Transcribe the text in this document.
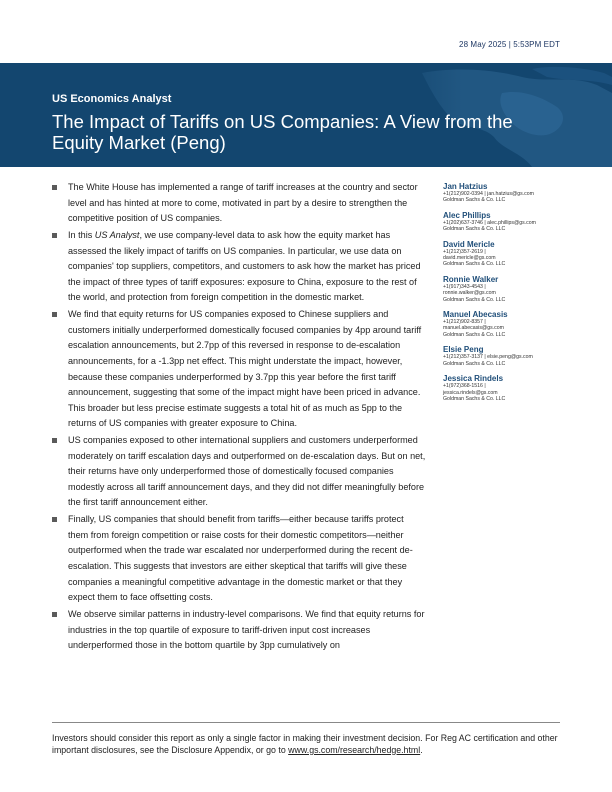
28 May 2025 | 5:53PM EDT
US Economics Analyst
The Impact of Tariffs on US Companies: A View from the Equity Market (Peng)
The White House has implemented a range of tariff increases at the country and sector level and has hinted at more to come, motivated in part by a desire to strengthen the competitive position of US companies.
In this US Analyst, we use company-level data to ask how the equity market has assessed the likely impact of tariffs on US companies. In particular, we use data on companies' top suppliers, competitors, and customers to ask how the market has priced the impact of three types of tariff exposures: exposure to China, exposure to the rest of the world, and protection from foreign competition in the domestic market.
We find that equity returns for US companies exposed to Chinese suppliers and customers initially underperformed domestically focused companies by 4pp around tariff escalation announcements, but 2.7pp of this reversed in response to de-escalation announcements, for a -1.3pp net effect. This might understate the impact, however, because these companies underperformed by 3.7pp this year before the first tariff announcement, suggesting that some of the impact might have been priced in advance. This broader but less precise estimate suggests a total hit of as much as 5pp to the returns of US companies with greater exposure to China.
US companies exposed to other international suppliers and customers underperformed moderately on tariff escalation days and outperformed on de-escalation days. But on net, their returns have only underperformed those of domestically focused companies modestly across all tariff announcement days, and they did not differ meaningfully before the first tariff announcement either.
Finally, US companies that should benefit from tariffs—either because tariffs protect them from foreign competition or raise costs for their domestic competitors—neither outperformed when the trade war escalated nor underperformed during the recent de-escalation. This suggests that investors are either skeptical that tariffs will give these companies a meaningful competitive advantage in the domestic market or that they expect them to face offsetting costs.
We observe similar patterns in industry-level comparisons. We find that equity returns for industries in the top quartile of exposure to tariff-driven input cost increases underperformed those in the bottom quartile by 3pp cumulatively on
Jan Hatzius
+1(212)902-0394 | jan.hatzius@gs.com
Goldman Sachs & Co. LLC
Alec Phillips
+1(202)637-3746 | alec.phillips@gs.com
Goldman Sachs & Co. LLC
David Mericle
+1(212)357-2619 |
david.mericle@gs.com
Goldman Sachs & Co. LLC
Ronnie Walker
+1(917)343-4543 |
ronnie.walker@gs.com
Goldman Sachs & Co. LLC
Manuel Abecasis
+1(212)902-8357 |
manuel.abecasis@gs.com
Goldman Sachs & Co. LLC
Elsie Peng
+1(212)357-3137 | elsie.peng@gs.com
Goldman Sachs & Co. LLC
Jessica Rindels
+1(972)368-1516 |
jessica.rindels@gs.com
Goldman Sachs & Co. LLC
Investors should consider this report as only a single factor in making their investment decision. For Reg AC certification and other important disclosures, see the Disclosure Appendix, or go to www.gs.com/research/hedge.html.
